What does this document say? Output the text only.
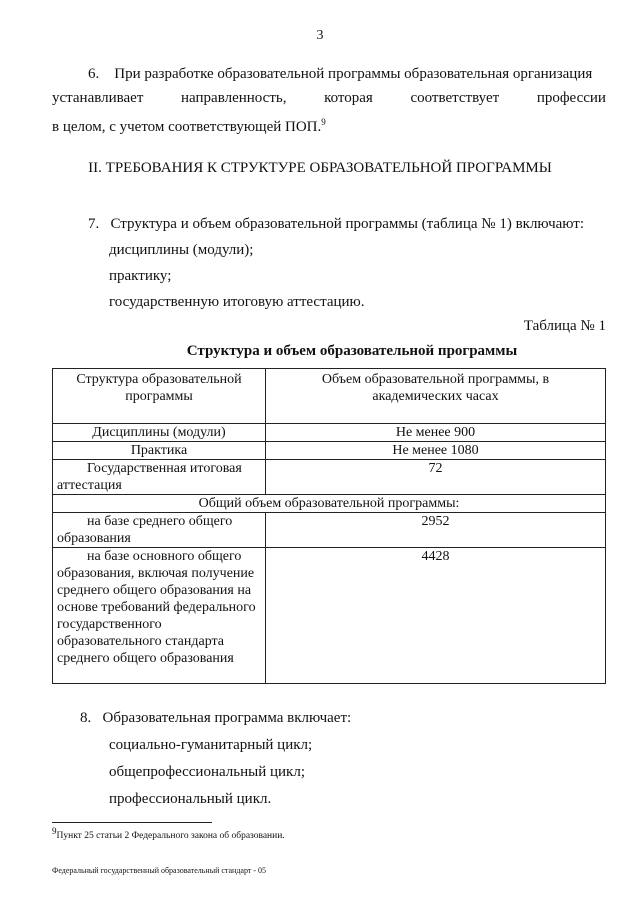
3
6. При разработке образовательной программы образовательная организация
устанавливает	направленность,	которая	соответствует	профессии
в целом, с учетом соответствующей ПОП.$^9$
II. ТРЕБОВАНИЯ К СТРУКТУРЕ ОБРАЗОВАТЕЛЬНОЙ ПРОГРАММЫ
7. Структура и объем образовательной программы (таблица № 1) включают:
дисциплины (модули);
практику;
государственную итоговую аттестацию.
Таблица № 1
Структура и объем образовательной программы
Структура образовательной программы	Объем образовательной программы, в академических часах
Дисциплины (модули)	Не менее 900
Практика	Не менее 1080
Государственная итоговая аттестация	72
Общий объем образовательной программы:	
на базе среднего общего образования	2952
на базе основного общего образования, включая получение среднего общего образования на основе требований федерального государственного образовательного стандарта среднего общего образования	4428
8. Образовательная программа включает:
социально-гуманитарный цикл;
общепрофессиональный цикл;
профессиональный цикл.
$^9$Пункт 25 статьи 2 Федерального закона об образовании.
Федеральный государственный образовательный стандарт - 05
